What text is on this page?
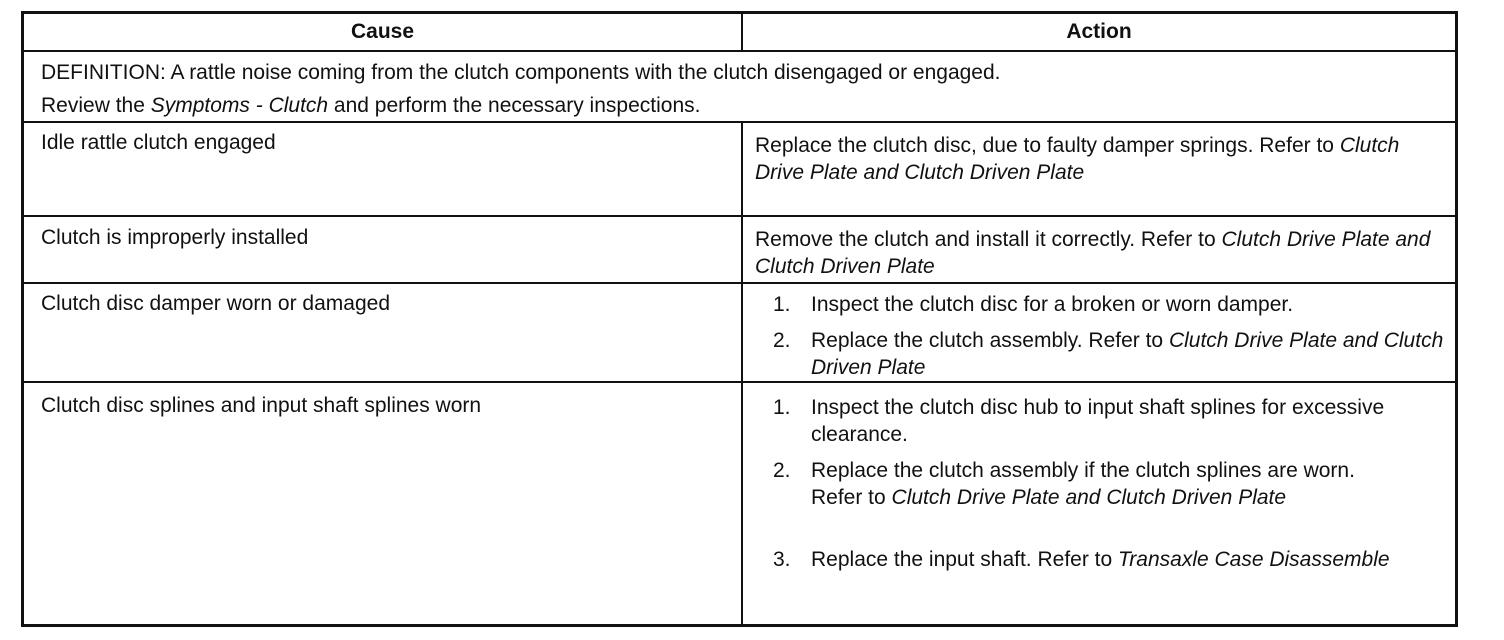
Cause	Action
DEFINITION: A rattle noise coming from the clutch components with the clutch disengaged or engaged.
Review the Symptoms - Clutch and perform the necessary inspections.
Idle rattle clutch engaged	Replace the clutch disc, due to faulty damper springs. Refer to Clutch Drive Plate and Clutch Driven Plate
Clutch is improperly installed	Remove the clutch and install it correctly. Refer to Clutch Drive Plate and Clutch Driven Plate
Clutch disc damper worn or damaged	1. Inspect the clutch disc for a broken or worn damper.
2. Replace the clutch assembly. Refer to Clutch Drive Plate and Clutch Driven Plate
Clutch disc splines and input shaft splines worn	1. Inspect the clutch disc hub to input shaft splines for excessive clearance.
2. Replace the clutch assembly if the clutch splines are worn. Refer to Clutch Drive Plate and Clutch Driven Plate
3. Replace the input shaft. Refer to Transaxle Case Disassemble
